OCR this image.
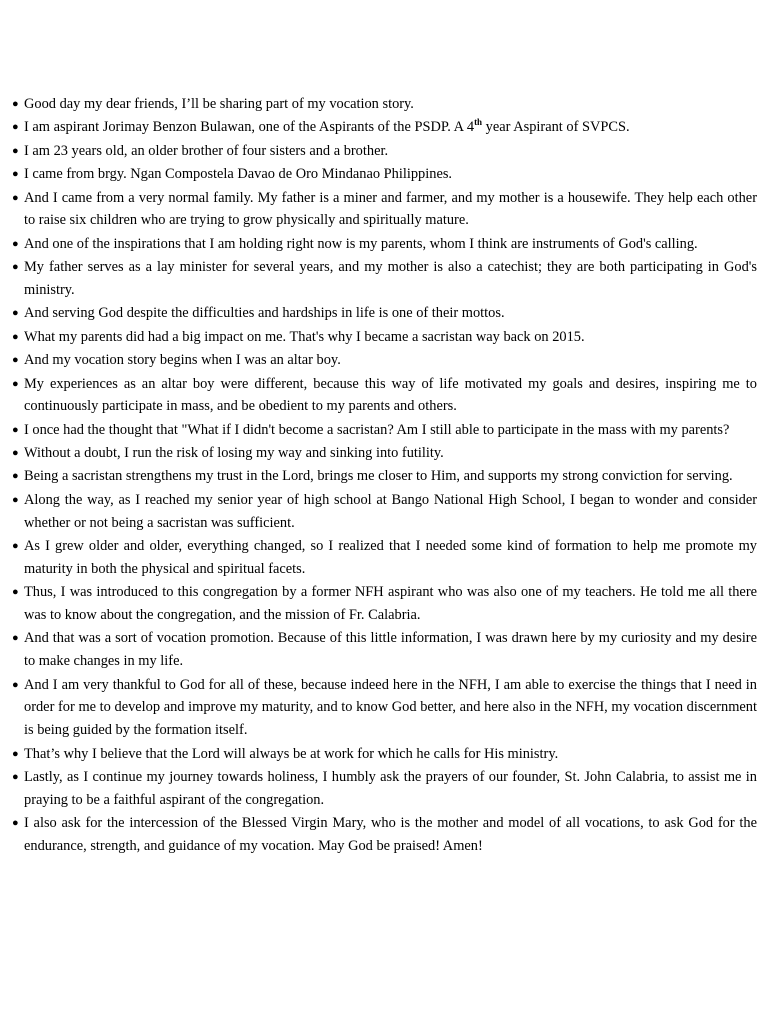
● Good day my dear friends, I’ll be sharing part of my vocation story.
● I am aspirant Jorimay Benzon Bulawan, one of the Aspirants of the PSDP. A 4th year Aspirant of SVPCS.
● I am 23 years old, an older brother of four sisters and a brother.
● I came from brgy. Ngan Compostela Davao de Oro Mindanao Philippines.
● And I came from a very normal family. My father is a miner and farmer, and my mother is a housewife. They help each other to raise six children who are trying to grow physically and spiritually mature.
● And one of the inspirations that I am holding right now is my parents, whom I think are instruments of God's calling.
● My father serves as a lay minister for several years, and my mother is also a catechist; they are both participating in God's ministry.
● And serving God despite the difficulties and hardships in life is one of their mottos.
● What my parents did had a big impact on me. That's why I became a sacristan way back on 2015.
● And my vocation story begins when I was an altar boy.
● My experiences as an altar boy were different, because this way of life motivated my goals and desires, inspiring me to continuously participate in mass, and be obedient to my parents and others.
● I once had the thought that "What if I didn't become a sacristan? Am I still able to participate in the mass with my parents?
● Without a doubt, I run the risk of losing my way and sinking into futility.
● Being a sacristan strengthens my trust in the Lord, brings me closer to Him, and supports my strong conviction for serving.
● Along the way, as I reached my senior year of high school at Bango National High School, I began to wonder and consider whether or not being a sacristan was sufficient.
● As I grew older and older, everything changed, so I realized that I needed some kind of formation to help me promote my maturity in both the physical and spiritual facets.
● Thus, I was introduced to this congregation by a former NFH aspirant who was also one of my teachers. He told me all there was to know about the congregation, and the mission of Fr. Calabria.
● And that was a sort of vocation promotion. Because of this little information, I was drawn here by my curiosity and my desire to make changes in my life.
● And I am very thankful to God for all of these, because indeed here in the NFH, I am able to exercise the things that I need in order for me to develop and improve my maturity, and to know God better, and here also in the NFH, my vocation discernment is being guided by the formation itself.
● That’s why I believe that the Lord will always be at work for which he calls for His ministry.
● Lastly, as I continue my journey towards holiness, I humbly ask the prayers of our founder, St. John Calabria, to assist me in praying to be a faithful aspirant of the congregation.
● I also ask for the intercession of the Blessed Virgin Mary, who is the mother and model of all vocations, to ask God for the endurance, strength, and guidance of my vocation. May God be praised! Amen!
